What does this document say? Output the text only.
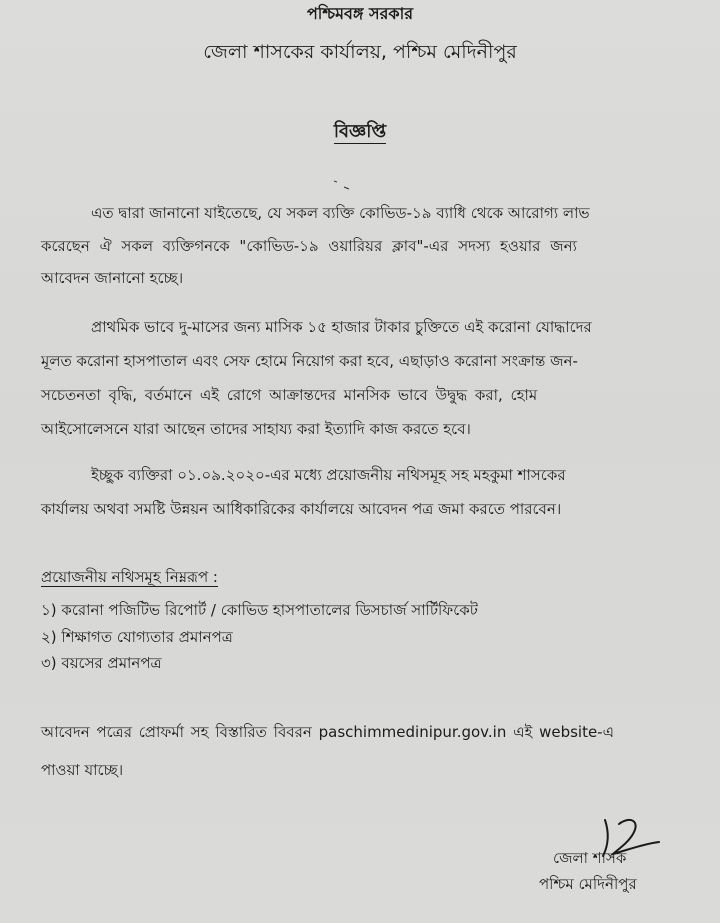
পশ্চিমবঙ্গ সরকার
জেলা শাসকের কার্যালয়, পশ্চিম মেদিনীপুর
বিজ্ঞপ্তি
এত দ্বারা জানানো যাইতেছে, যে সকল ব্যক্তি কোভিড-১৯ ব্যাধি থেকে আরোগ্য লাভ
করেছেন ঐ সকল ব্যক্তিগনকে "কোভিড-১৯ ওয়ারিয়র ক্লাব"-এর সদস্য হওয়ার জন্য
আবেদন জানানো হচ্ছে।
প্রাথমিক ভাবে দু-মাসের জন্য মাসিক ১৫ হাজার টাকার চুক্তিতে এই করোনা যোদ্ধাদের
মূলত করোনা হাসপাতাল এবং সেফ হোমে নিয়োগ করা হবে, এছাড়াও করোনা সংক্রান্ত জন-
সচেতনতা বৃদ্ধি, বর্তমানে এই রোগে আক্রান্তদের মানসিক ভাবে উদ্বুদ্ধ করা, হোম
আইসোলেসনে যারা আছেন তাদের সাহায্য করা ইত্যাদি কাজ করতে হবে।
ইচ্ছুক ব্যক্তিরা ০১.০৯.২০২০-এর মধ্যে প্রয়োজনীয় নথিসমূহ সহ মহকুমা শাসকের
কার্যালয় অথবা সমষ্টি উন্নয়ন আধিকারিকের কার্যালয়ে আবেদন পত্র জমা করতে পারবেন।
প্রয়োজনীয় নথিসমূহ নিম্নরূপ :
১) করোনা পজিটিভ রিপোর্ট / কোভিড হাসপাতালের ডিসচার্জ সার্টিফিকেট
২) শিক্ষাগত যোগ্যতার প্রমানপত্র
৩) বয়সের প্রমানপত্র
আবেদন পত্রের প্রোফর্মা সহ বিস্তারিত বিবরন paschimmedinipur.gov.in এই website-এ
পাওয়া যাচ্ছে।
জেলা শাসক
পশ্চিম মেদিনীপুর
